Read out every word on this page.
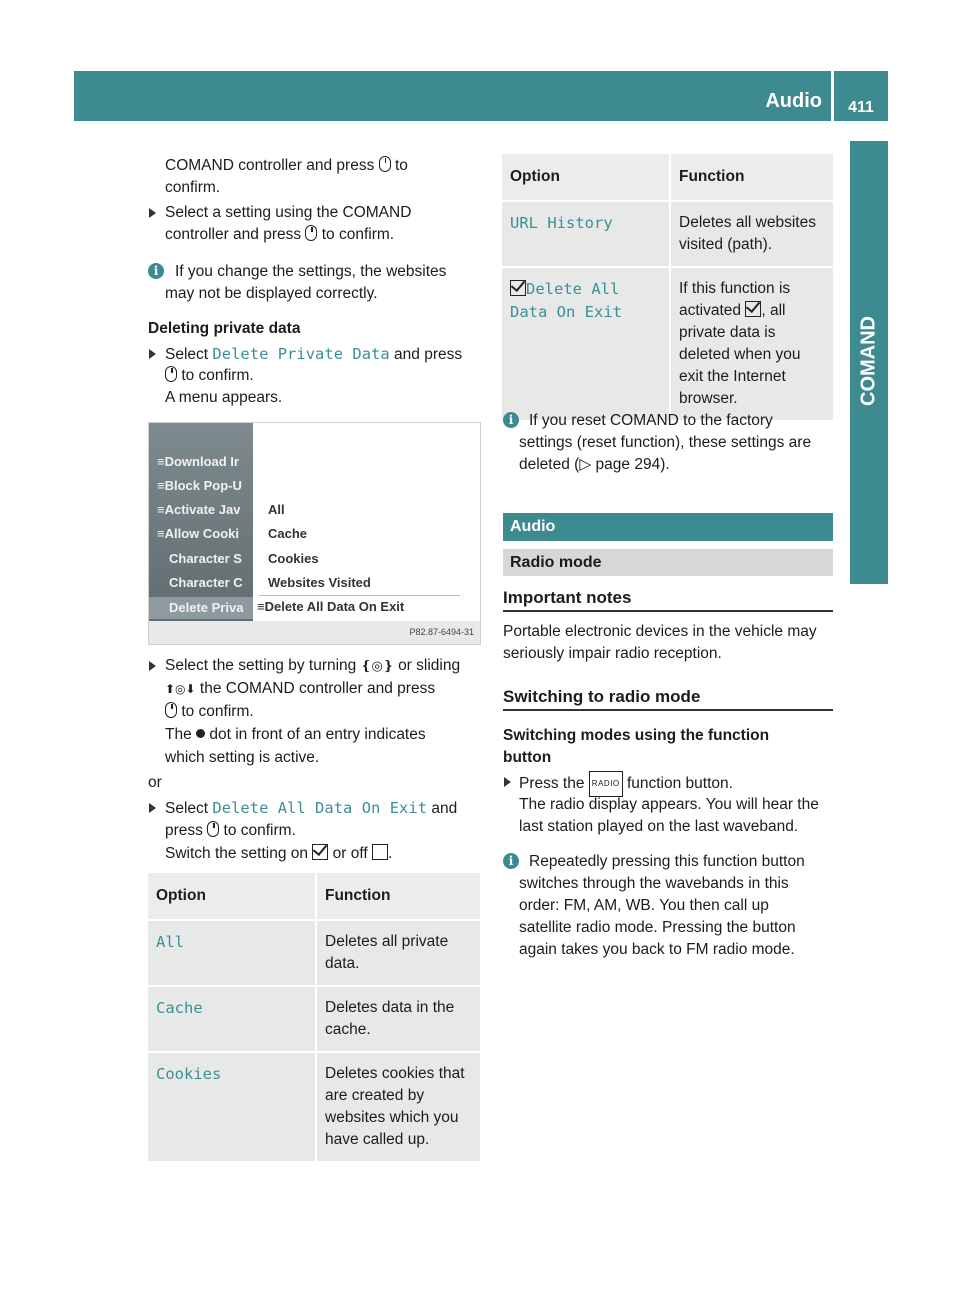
Audio	411
COMAND
COMAND controller and press to
confirm.
Select a setting using the COMAND
controller and press to confirm.
i	If you change the settings, the websites
may not be displayed correctly.
Deleting private data
Select Delete Private Data and press
to confirm.
A menu appears.
≡Download Ir
≡Block Pop-U
≡Activate Jav
≡Allow Cooki
Character S
Character C
Delete Priva
All
Cache
Cookies
Websites Visited
≡Delete All Data On Exit
P82.87-6494-31
Select the setting by turning ❴◎❵ or sliding
⬆◎⬇ the COMAND controller and press
to confirm.
The dot in front of an entry indicates
which setting is active.
or
Select Delete All Data On Exit and
press to confirm.
Switch the setting on or off .
Option	Function
All	Deletes all private data.
Cache	Deletes data in the cache.
Cookies	Deletes cookies that are created by websites which you have called up.
Option	Function
URL History	Deletes all websites visited (path).
Delete All
Data On Exit	If this function is activated , all private data is deleted when you exit the Internet browser.
i	If you reset COMAND to the factory
settings (reset function), these settings are
deleted (▷ page 294).
Audio
Radio mode
Important notes
Portable electronic devices in the vehicle may
seriously impair radio reception.
Switching to radio mode
Switching modes using the function
button
Press the RADIO function button.
The radio display appears. You will hear the
last station played on the last waveband.
i	Repeatedly pressing this function button
switches through the wavebands in this
order: FM, AM, WB. You then call up
satellite radio mode. Pressing the button
again takes you back to FM radio mode.
